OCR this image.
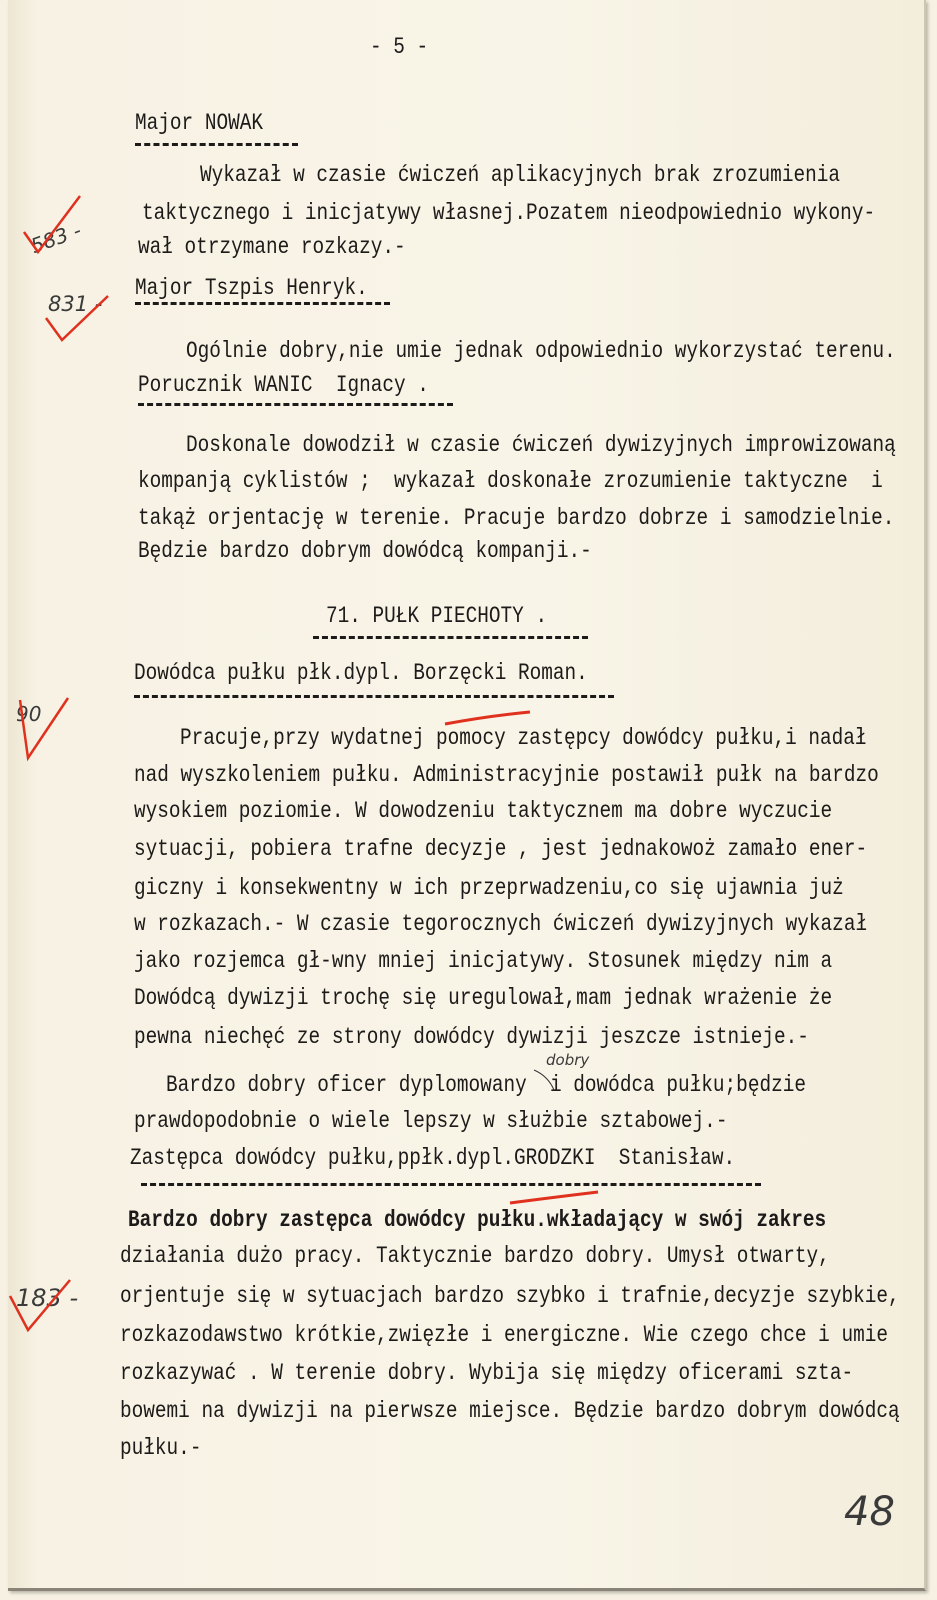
- 5 -
Major NOWAK
Wykazał w czasie ćwiczeń aplikacyjnych brak zrozumienia
taktycznego i inicjatywy własnej.Pozatem nieodpowiednio wykony-
wał otrzymane rozkazy.-
Major Tszpis Henryk.
Ogólnie dobry,nie umie jednak odpowiednio wykorzystać terenu.
Porucznik WANIC  Ignacy .
Doskonale dowodził w czasie ćwiczeń dywizyjnych improwizowaną
kompanją cyklistów ;  wykazał doskonałe zrozumienie taktyczne  i
takąż orjentację w terenie. Pracuje bardzo dobrze i samodzielnie.
Będzie bardzo dobrym dowódcą kompanji.-
71. PUŁK PIECHOTY .
Dowódca pułku płk.dypl. Borzęcki Roman.
Pracuje,przy wydatnej pomocy zastępcy dowódcy pułku,i nadał
nad wyszkoleniem pułku. Administracyjnie postawił pułk na bardzo
wysokiem poziomie. W dowodzeniu taktycznem ma dobre wyczucie
sytuacji, pobiera trafne decyzje , jest jednakowoż zamało ener-
giczny i konsekwentny w ich przeprwadzeniu,co się ujawnia już
w rozkazach.- W czasie tegorocznych ćwiczeń dywizyjnych wykazał
jako rozjemca gł-wny mniej inicjatywy. Stosunek między nim a
Dowódcą dywizji trochę się uregulował,mam jednak wrażenie że
pewna niechęć ze strony dowódcy dywizji jeszcze istnieje.-
dobry
Bardzo dobry oficer dyplomowany  i dowódca pułku;będzie
prawdopodobnie o wiele lepszy w służbie sztabowej.-
Zastępca dowódcy pułku,ppłk.dypl.GRODZKI  Stanisław.
Bardzo dobry zastępca dowódcy pułku.wkładający w swój zakres
działania dużo pracy. Taktycznie bardzo dobry. Umysł otwarty,
orjentuje się w sytuacjach bardzo szybko i trafnie,decyzje szybkie,
rozkazodawstwo krótkie,zwięzłe i energiczne. Wie czego chce i umie
rozkazywać . W terenie dobry. Wybija się między oficerami szta-
bowemi na dywizji na pierwsze miejsce. Będzie bardzo dobrym dowódcą
pułku.-
583 -
831 -
90
183 -
48
